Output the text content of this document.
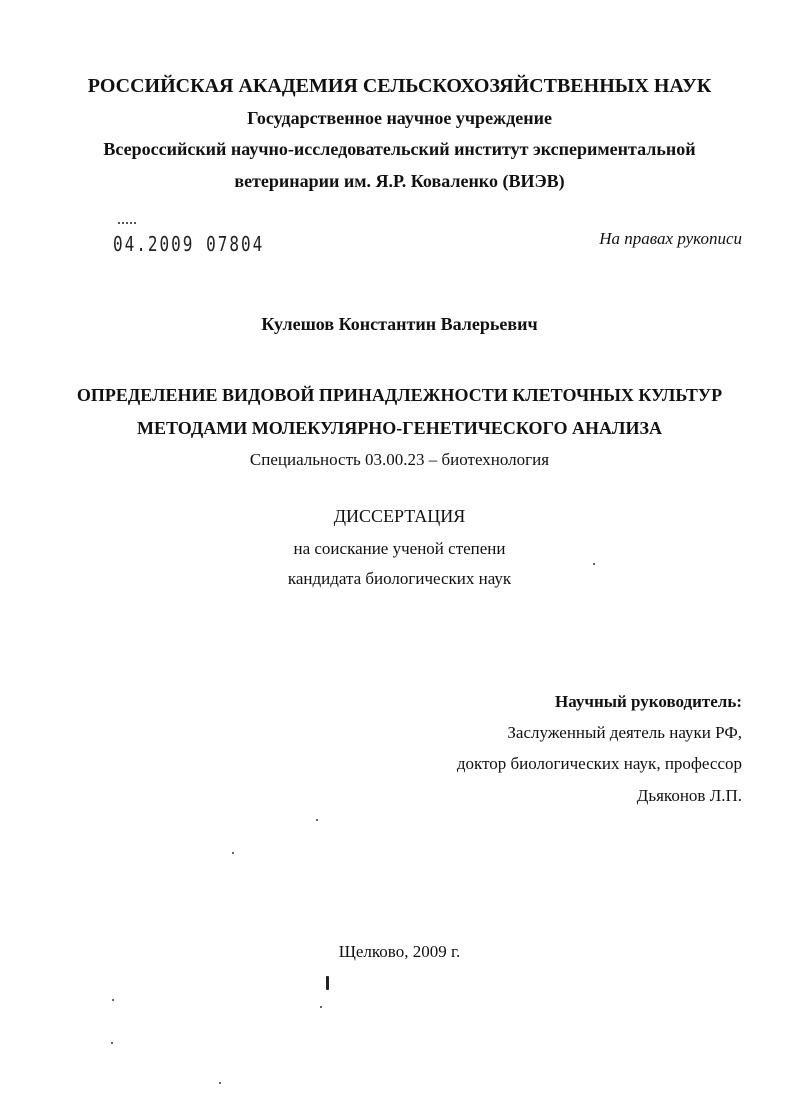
РОССИЙСКАЯ АКАДЕМИЯ СЕЛЬСКОХОЗЯЙСТВЕННЫХ НАУК
Государственное научное учреждение
Всероссийский научно-исследовательский институт экспериментальной
ветеринарии им. Я.Р. Коваленко (ВИЭВ)
04.2009 07804	На правах рукописи
Кулешов Константин Валерьевич
ОПРЕДЕЛЕНИЕ ВИДОВОЙ ПРИНАДЛЕЖНОСТИ КЛЕТОЧНЫХ КУЛЬТУР
МЕТОДАМИ МОЛЕКУЛЯРНО-ГЕНЕТИЧЕСКОГО АНАЛИЗА
Специальность 03.00.23 – биотехнология
ДИССЕРТАЦИЯ
на соискание ученой степени
кандидата биологических наук
Научный руководитель:
Заслуженный деятель науки РФ,
доктор биологических наук, профессор
Дьяконов Л.П.
Щелково, 2009 г.
